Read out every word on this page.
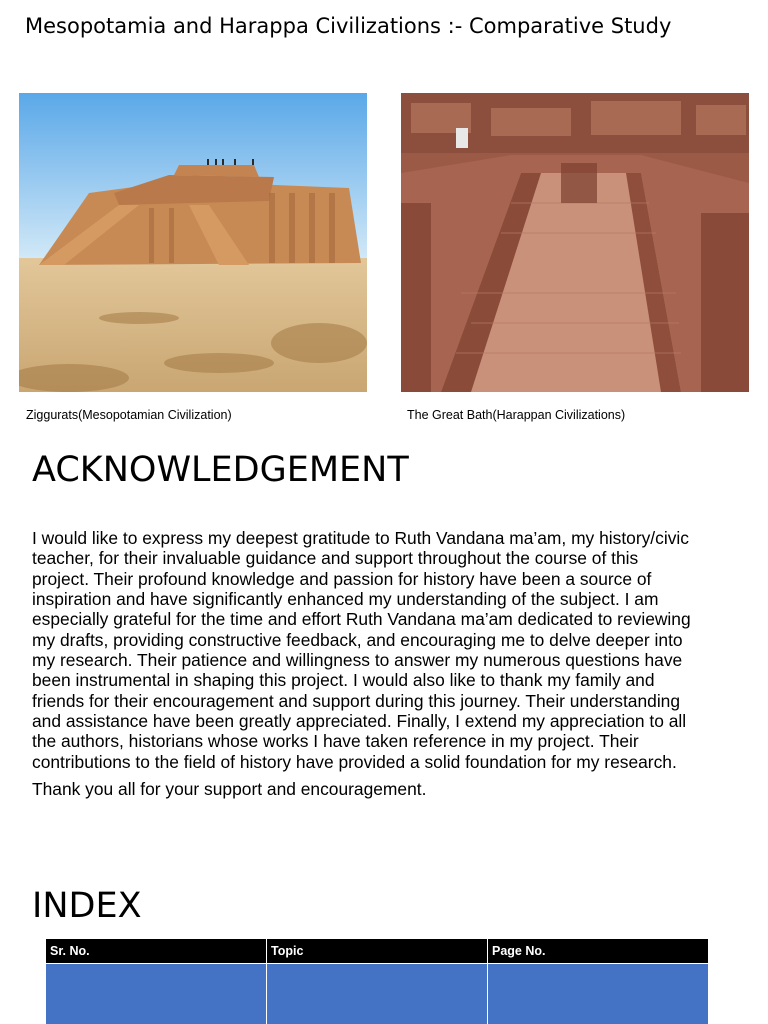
Mesopotamia and Harappa Civilizations :- Comparative Study
Ziggurats(Mesopotamian Civilization)	The Great Bath(Harappan Civilizations)
ACKNOWLEDGEMENT

I would like to express my deepest gratitude to Ruth Vandana ma’am, my history/civic teacher, for their invaluable guidance and support throughout the course of this project. Their profound knowledge and passion for history have been a source of inspiration and have significantly enhanced my understanding of the subject. I am especially grateful for the time and effort Ruth Vandana ma’am dedicated to reviewing my drafts, providing constructive feedback, and encouraging me to delve deeper into my research. Their patience and willingness to answer my numerous questions have been instrumental in shaping this project. I would also like to thank my family and friends for their encouragement and support during this journey. Their understanding and assistance have been greatly appreciated. Finally, I extend my appreciation to all the authors, historians whose works I have taken reference in my project. Their contributions to the field of history have provided a solid foundation for my research.

Thank you all for your support and encouragement.

INDEX
Sr. No.	Topic	Page No.
